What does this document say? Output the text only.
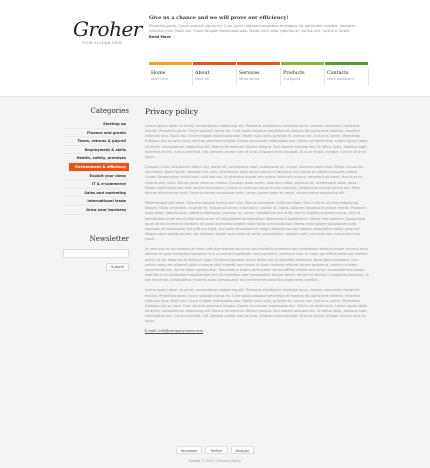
Groher
YOUR SLOGAN HERE
Give us a chance and we will prove our efficiency!
Phasellus porta. Fusce suscipit varius mi. Cum sociis natoque penatibus et magnis dis parturient montes, nascetur ridiculus mus. Nulla dui. Fusce feugiat malesuada odio. Morbi nunc odio, gravida at, cursus nec, luctus a, lorem. Read More
Home
Start here
About
Meet Us
Services
What we do
Products
Our goods
Contacts
Have questions?
Categories
Starting up
Finance and grants
Taxes, returns & payroll
Employment & skills
Health, safety, premises
Environment & efficiency
Exploit your ideas
IT & e-commerce
Sales and marketing
International trade
Grow your business
Newsletter
Submit
Privacy policy

Lorem ipsum dolor sit amet, consectetuer adipiscing elit. Praesent vestibulum molestie lacus. Aenean nonummy hendrerit mauris. Phasellus porta. Fusce suscipit varius mi. Cum sociis natoque penatibus et magnis dis parturient montes, nascetur ridiculus mus. Nulla dui. Fusce feugiat malesuada odio. Morbi nunc odio, gravida at, cursus nec, luctus a, lorem. Maecenas tristique orci ac sem. Duis ultricies pharetra magna. Donec accumsan malesuada orci. Donec sit amet eros. Lorem ipsum dolor sit amet, consectetuer adipiscing elit. Mauris fermentum dictum magna. Sed laoreet aliquam leo. Ut tellus dolor, dapibus eget, elementum vel, cursus eleifend, elit. Aenean auctor wisi et urna. Aliquam erat volutpat. Duis ac turpis. Integer rutrum ante eu lacus.

Quisque nulla. Vestibulum libero nisl, porta vel, scelerisque eget, malesuada at, neque. Vivamus eget nibh. Etiam cursus leo vel metus. Nulla facilisi. Aenean nec eros. Vestibulum ante ipsum primis in faucibus orci luctus et ultrices posuere cubilia Curae; Suspendisse sollicitudin velit sed leo. Ut pharetra augue nec augue. Nam elit magna, hendrerit sit amet, tincidunt ac, viverra sed, nulla. Donec porta diam eu massa. Quisque diam lorem, interdum vitae, dapibus ac, scelerisque vitae, pede. Donec eget tellus non erat lacinia fermentum. Donec in velit vel ipsum auctor pulvinar. Vestibulum iaculis lacinia est. Proin dictum elementum velit. Fusce euismod consequat ante. Lorem ipsum dolor sit amet, consectetuer adipiscing elit.

Pellentesque sed dolor. Aliquam congue fermentum nisl. Mauris accumsan nulla vel diam. Sed in lacus ut enim adipiscing aliquet. Nulla venenatis. In pede mi, aliquet sit amet, euismod in, auctor ut, ligula. Aliquam dapibus tincidunt metus. Praesent justo dolor, lobortis quis, lobortis dignissim, pulvinar ac, lorem. Vestibulum sed ante. Donec sagittis euismod purus. Sed ut perspiciatis unde omnis iste natus error sit voluptatem accusantium doloremque laudantium, totam rem aperiam, eaque ipsa quae ab illo inventore veritatis et quasi architecto beatae vitae dicta sunt explicabo. Nemo enim ipsam voluptatem quia voluptas sit aspernatur aut odit aut fugit, sed quia consequuntur magni dolores eos qui ratione voluptatem sequi nesciunt. Neque porro quisquam est, qui dolorem ipsum quia dolor sit amet, consectetur, adipisci velit, sed quia non numquam eius modi.

At vero eos et accusamus et iusto odio dignissimos ducimus qui blanditiis praesentium voluptatum deleniti atque corrupti quos dolores et quas molestias excepturi sint occaecati cupiditate non provident, similique sunt in culpa qui officia deserunt mollitia animi, id est laborum et dolorum fuga. Et harum quidem rerum facilis est et expedita distinctio. Nam libero tempore, cum soluta nobis est eligendi optio cumque nihil impedit quo minus id quod maxime placeat facere possimus, omnis voluptas assumenda est, omnis dolor repellendus. Temporibus autem quibusdam et aut officiis debitis aut rerum necessitatibus saepe eveniet ut et voluptates repudiandae sint et molestiae non recusandae. Itaque earum rerum hic tenetur a sapiente delectus, ut aut reiciendis voluptatibus maiores alias consequatur aut perferendis doloribus asperiores repellat.

Lorem ipsum dolor sit amet, consectetuer adipiscing elit. Praesent vestibulum molestie lacus. Aenean nonummy hendrerit mauris. Phasellus porta. Fusce suscipit varius mi. Cum sociis natoque penatibus et magnis dis parturient montes, nascetur ridiculus mus. Nulla dui. Fusce feugiat malesuada odio. Morbi nunc odio, gravida at, cursus nec, luctus a, lorem. Maecenas tristique orci ac sem. Duis ultricies pharetra magna. Donec accumsan malesuada orci. Donec sit amet eros. Lorem ipsum dolor sit amet, consectetuer adipiscing elit. Mauris fermentum dictum magna. Sed laoreet aliquam leo. Ut tellus dolor, dapibus eget, elementum vel, cursus eleifend, elit. Aenean auctor wisi et urna. Aliquam erat volutpat. Duis ac turpis. Integer rutrum ante eu lacus.

E-mail: info@companyname.com
Facebook	Twitter	Blogger
Groher © 2012 | Privacy Policy
